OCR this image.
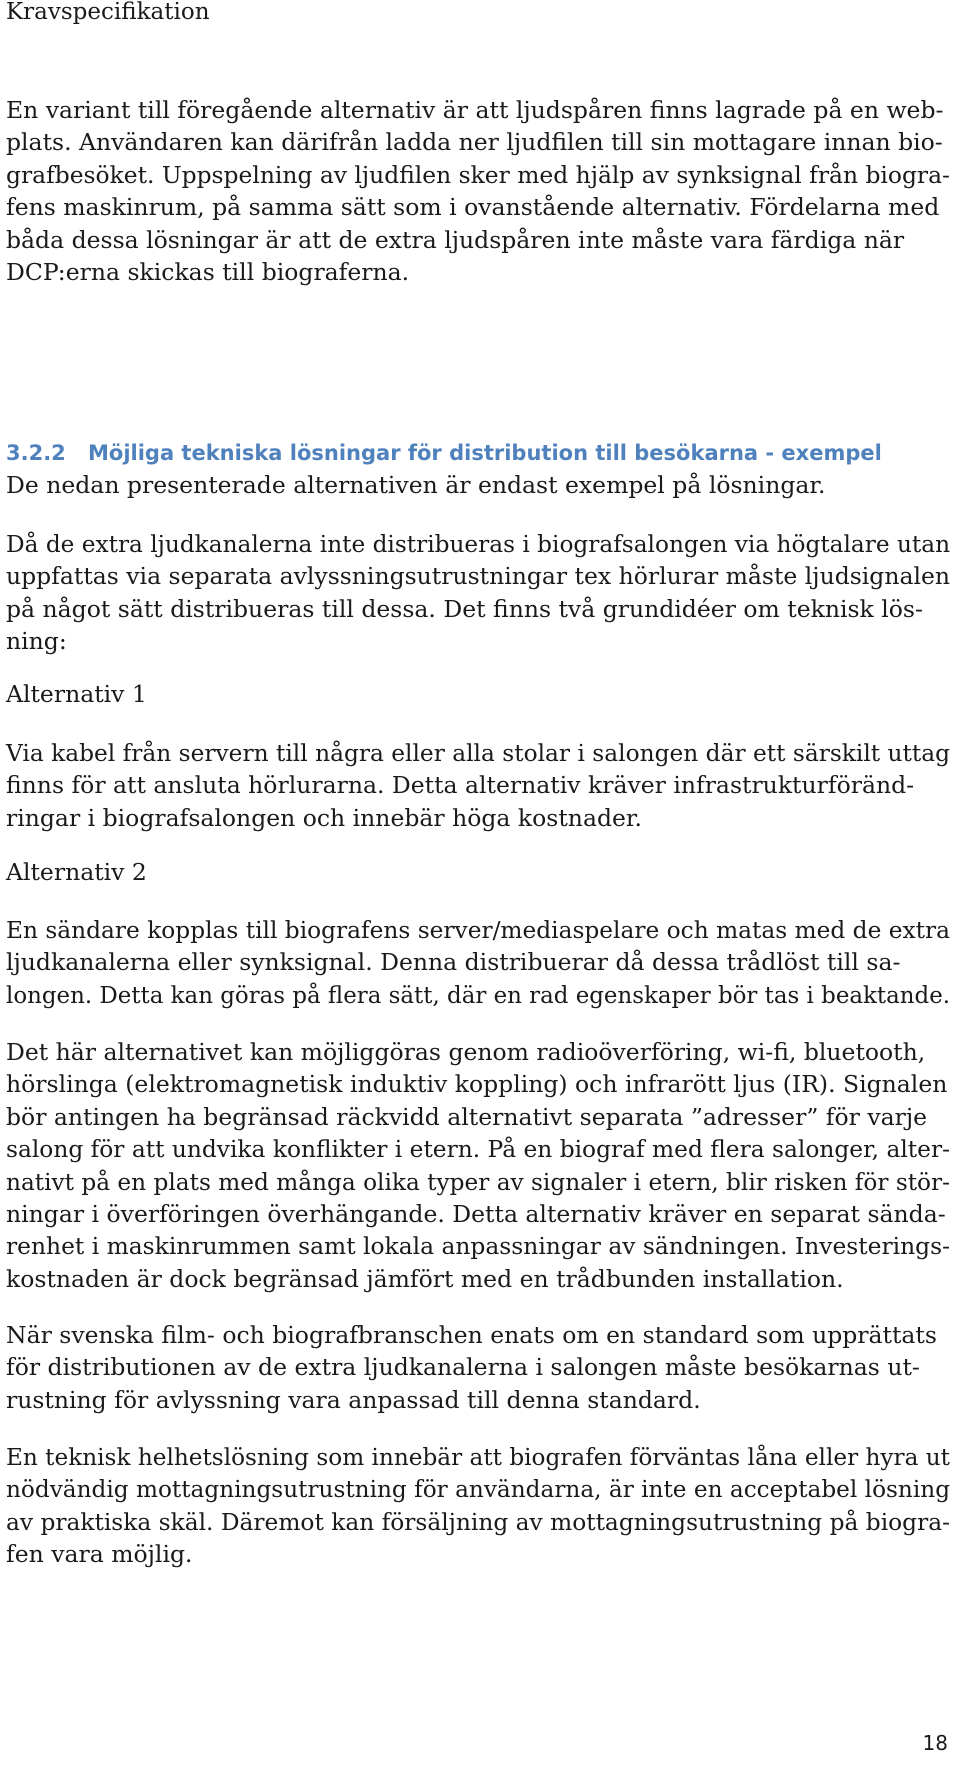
Kravspecifikation
En variant till föregående alternativ är att ljudspåren finns lagrade på en web-
plats. Användaren kan därifrån ladda ner ljudfilen till sin mottagare innan bio-
grafbesöket. Uppspelning av ljudfilen sker med hjälp av synksignal från biogra-
fens maskinrum, på samma sätt som i ovanstående alternativ. Fördelarna med
båda dessa lösningar är att de extra ljudspåren inte måste vara färdiga när
DCP:erna skickas till biograferna.
3.2.2 Möjliga tekniska lösningar för distribution till besökarna - exempel
De nedan presenterade alternativen är endast exempel på lösningar.
Då de extra ljudkanalerna inte distribueras i biografsalongen via högtalare utan
uppfattas via separata avlyssningsutrustningar tex hörlurar måste ljudsignalen
på något sätt distribueras till dessa. Det finns två grundidéer om teknisk lös-
ning:
Alternativ 1
Via kabel från servern till några eller alla stolar i salongen där ett särskilt uttag
finns för att ansluta hörlurarna. Detta alternativ kräver infrastrukturföränd-
ringar i biografsalongen och innebär höga kostnader.
Alternativ 2
En sändare kopplas till biografens server/mediaspelare och matas med de extra
ljudkanalerna eller synksignal. Denna distribuerar då dessa trådlöst till sa-
longen. Detta kan göras på flera sätt, där en rad egenskaper bör tas i beaktande.
Det här alternativet kan möjliggöras genom radioöverföring, wi-fi, bluetooth,
hörslinga (elektromagnetisk induktiv koppling) och infrarött ljus (IR). Signalen
bör antingen ha begränsad räckvidd alternativt separata ”adresser” för varje
salong för att undvika konflikter i etern. På en biograf med flera salonger, alter-
nativt på en plats med många olika typer av signaler i etern, blir risken för stör-
ningar i överföringen överhängande. Detta alternativ kräver en separat sända-
renhet i maskinrummen samt lokala anpassningar av sändningen. Investerings-
kostnaden är dock begränsad jämfört med en trådbunden installation.
När svenska film- och biografbranschen enats om en standard som upprättats
för distributionen av de extra ljudkanalerna i salongen måste besökarnas ut-
rustning för avlyssning vara anpassad till denna standard.
En teknisk helhetslösning som innebär att biografen förväntas låna eller hyra ut
nödvändig mottagningsutrustning för användarna, är inte en acceptabel lösning
av praktiska skäl. Däremot kan försäljning av mottagningsutrustning på biogra-
fen vara möjlig.
18
